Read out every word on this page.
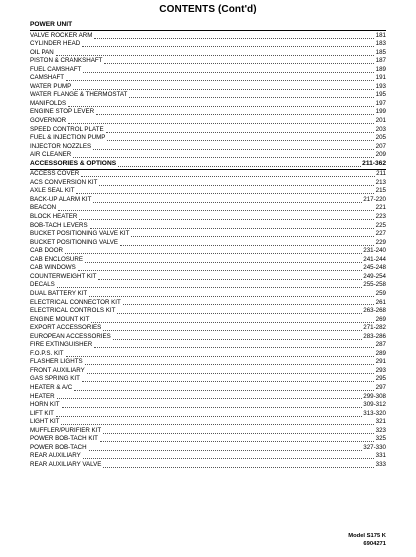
CONTENTS (Cont'd)
POWER UNIT
VALVE ROCKER ARM	181
CYLINDER HEAD	183
OIL PAN	185
PISTON & CRANKSHAFT	187
FUEL CAMSHAFT	189
CAMSHAFT	191
WATER PUMP	193
WATER FLANGE & THERMOSTAT	195
MANIFOLDS	197
ENGINE STOP LEVER	199
GOVERNOR	201
SPEED CONTROL PLATE	203
FUEL & INJECTION PUMP	205
INJECTOR NOZZLES	207
AIR CLEANER	209
ACCESSORIES & OPTIONS	211-362
ACCESS COVER	211
ACS CONVERSION KIT	213
AXLE SEAL KIT	215
BACK-UP ALARM KIT	217-220
BEACON	221
BLOCK HEATER	223
BOB-TACH LEVERS	225
BUCKET POSITIONING VALVE KIT	227
BUCKET POSITIONING VALVE	229
CAB DOOR	231-240
CAB ENCLOSURE	241-244
CAB WINDOWS	245-248
COUNTERWEIGHT KIT	249-254
DECALS	255-258
DUAL BATTERY KIT	259
ELECTRICAL CONNECTOR KIT	261
ELECTRICAL CONTROLS KIT	263-268
ENGINE MOUNT KIT	269
EXPORT ACCESSORIES	271-282
EUROPEAN ACCESSORIES	283-286
FIRE EXTINGUISHER	287
F.O.P.S. KIT	289
FLASHER LIGHTS	291
FRONT AUXILIARY	293
GAS SPRING KIT	295
HEATER & A/C	297
HEATER	299-308
HORN KIT	309-312
LIFT KIT	313-320
LIGHT KIT	321
MUFFLER/PURIFIER KIT	323
POWER BOB-TACH KIT	325
POWER BOB-TACH	327-330
REAR AUXILIARY	331
REAR AUXILIARY VALVE	333
Model S175 K
6904271
